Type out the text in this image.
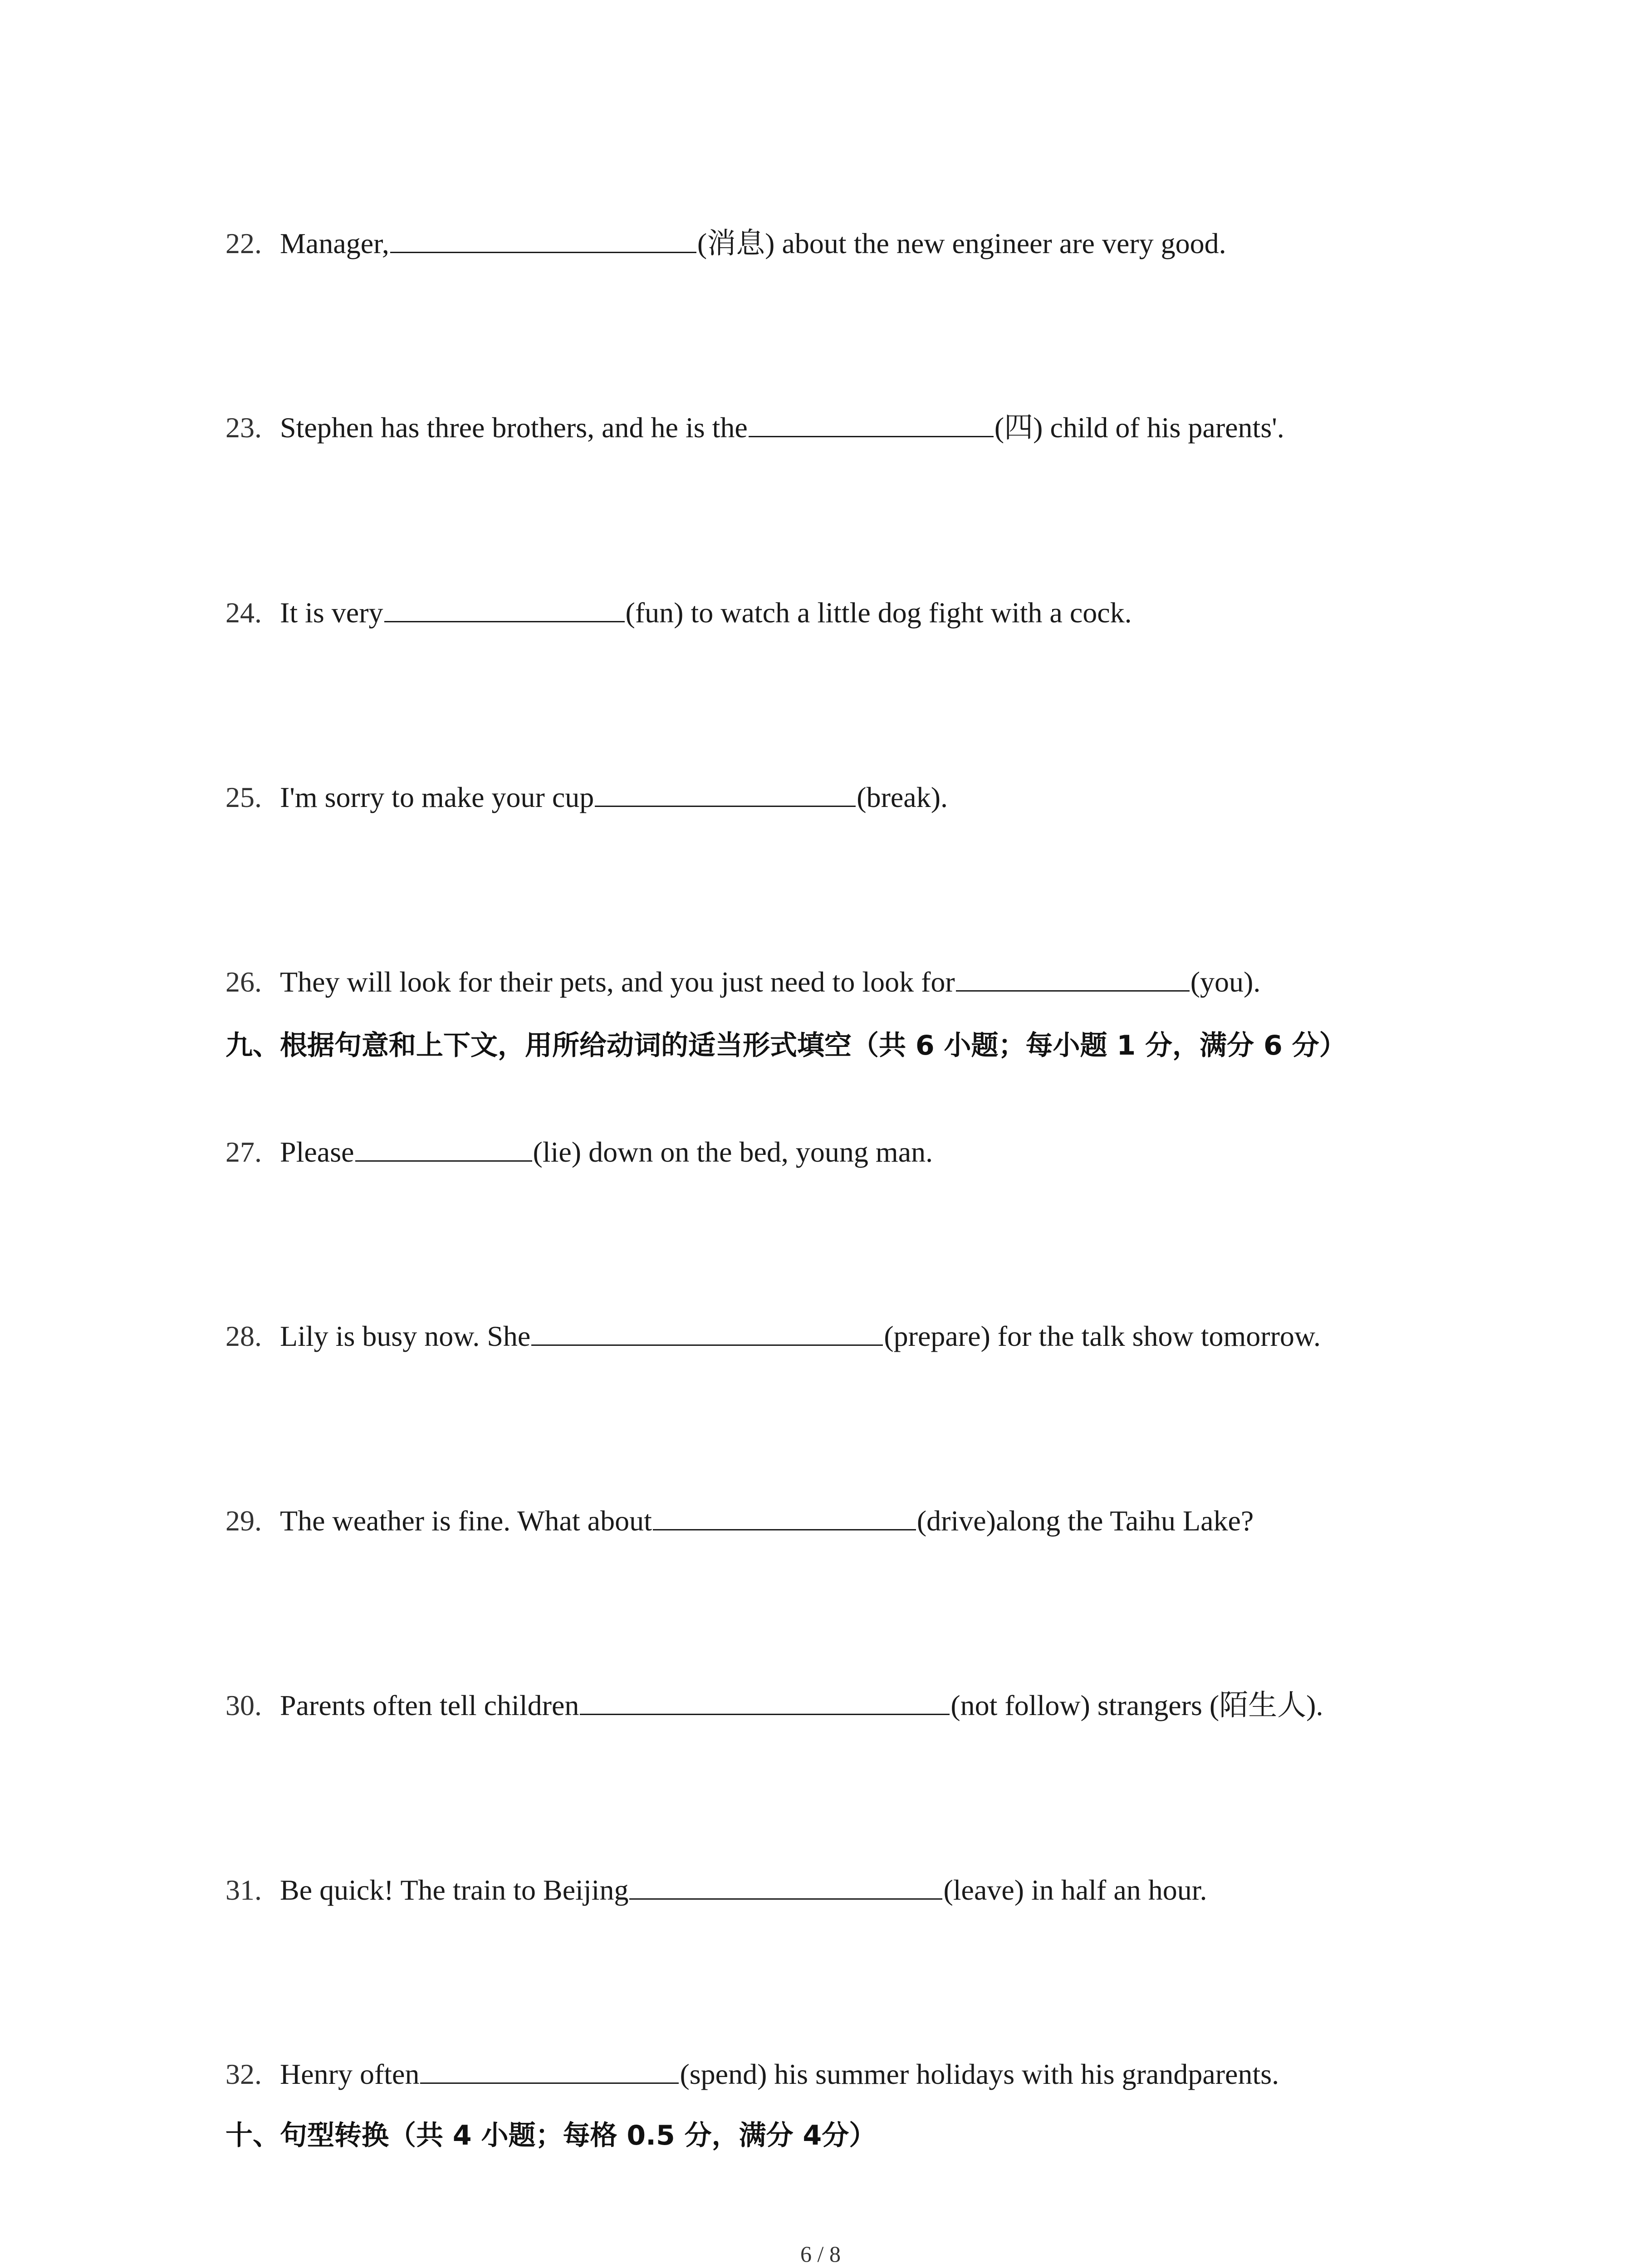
22. Manager,	(消息) about the new engineer are very good.
23. Stephen has three brothers, and he is the	(四) child of his parents'.
24. It is very	(fun) to watch a little dog fight with a cock.
25. I'm sorry to make your cup	(break).
26. They will look for their pets, and you just need to look for	(you).
九、根据句意和上下文，用所给动词的适当形式填空（共 6 小题；每小题 1 分，满分 6 分）
27. Please	(lie) down on the bed, young man.
28. Lily is busy now. She	(prepare) for the talk show tomorrow.
29. The weather is fine. What about	(drive)along the Taihu Lake?
30. Parents often tell children	(not follow) strangers (陌生人).
31. Be quick! The train to Beijing	(leave) in half an hour.
32. Henry often	(spend) his summer holidays with his grandparents.
十、句型转换（共 4 小题；每格 0.5 分，满分 4分）
6 / 8
